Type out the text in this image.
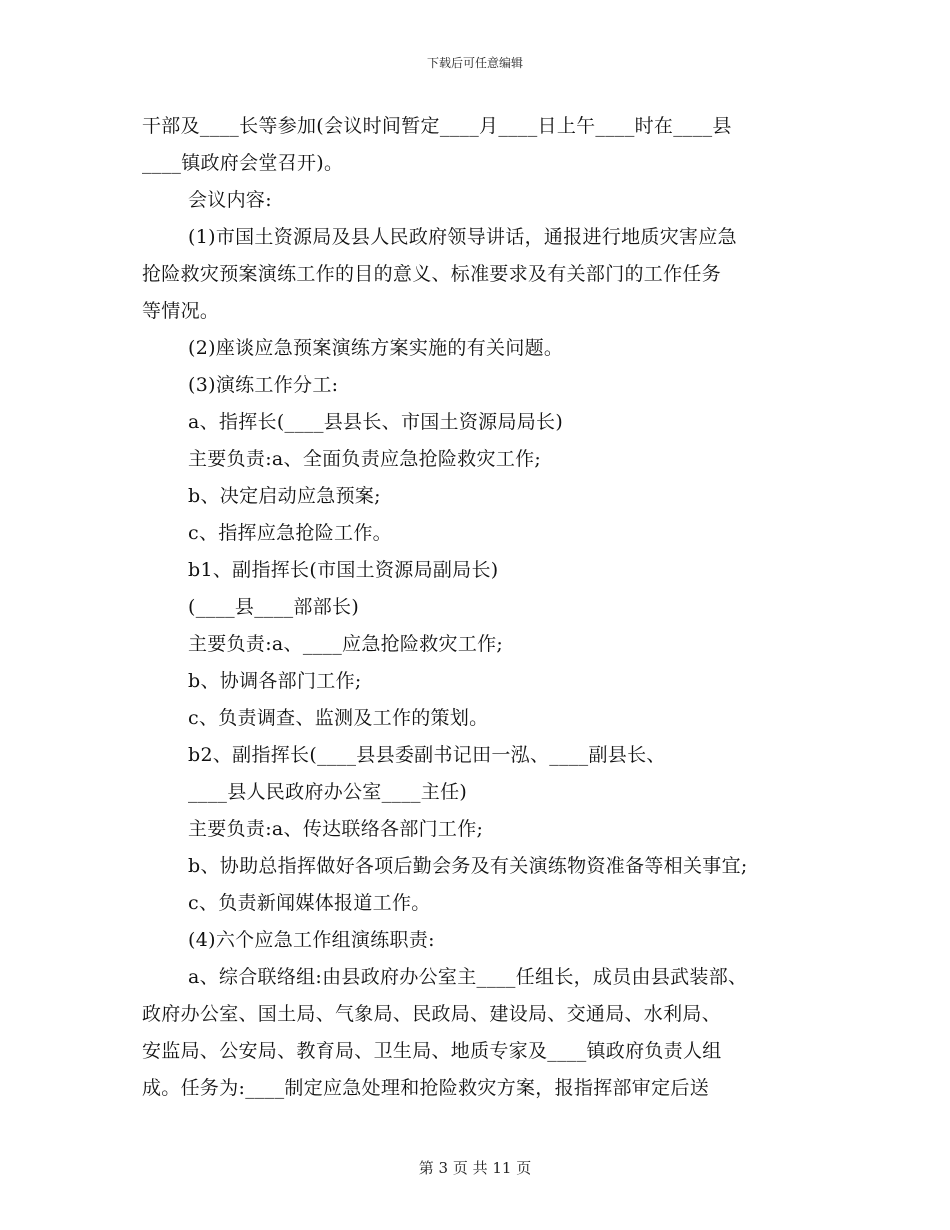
下载后可任意编辑
干部及____长等参加(会议时间暂定____月____日上午____时在____县
____镇政府会堂召开)。
会议内容:
(1)市国土资源局及县人民政府领导讲话，通报进行地质灾害应急
抢险救灾预案演练工作的目的意义、标准要求及有关部门的工作任务
等情况。
(2)座谈应急预案演练方案实施的有关问题。
(3)演练工作分工:
a、指挥长(____县县长、市国土资源局局长)
主要负责:a、全面负责应急抢险救灾工作;
b、决定启动应急预案;
c、指挥应急抢险工作。
b1、副指挥长(市国土资源局副局长)
(____县____部部长)
主要负责:a、____应急抢险救灾工作;
b、协调各部门工作;
c、负责调查、监测及工作的策划。
b2、副指挥长(____县县委副书记田一泓、____副县长、
____县人民政府办公室____主任)
主要负责:a、传达联络各部门工作;
b、协助总指挥做好各项后勤会务及有关演练物资准备等相关事宜;
c、负责新闻媒体报道工作。
(4)六个应急工作组演练职责:
a、综合联络组:由县政府办公室主____任组长，成员由县武装部、
政府办公室、国土局、气象局、民政局、建设局、交通局、水利局、
安监局、公安局、教育局、卫生局、地质专家及____镇政府负责人组
成。任务为:____制定应急处理和抢险救灾方案，报指挥部审定后送
第 3 页 共 11 页
